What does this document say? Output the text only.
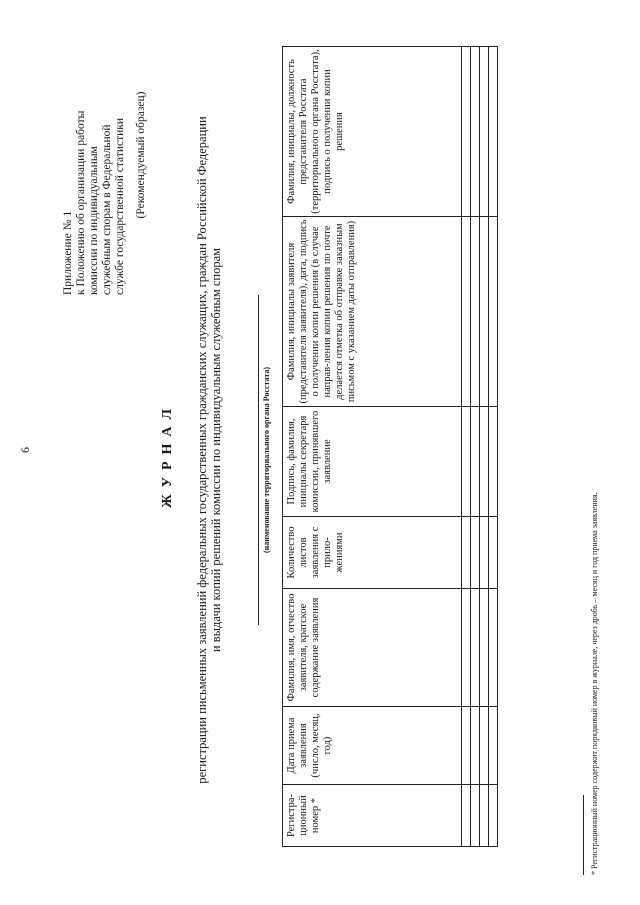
6
Приложение № 1 к Положению об организации работы комиссии по индивидуальным служебным спорам в Федеральной службе государственной статистики (Рекомендуемый образец)
ЖУРНАЛ регистрации письменных заявлений федеральных государственных гражданских служащих, граждан Российской Федерации и выдачи копий решений комиссии по индивидуальным служебным спорам	(наименование территориального органа Росстата)
Регистра-ционный номер *	Дата приема заявления (число, месяц, год)	Фамилия, имя, отчество заявителя, кратское содержание заявления	Количество листов заявления с прило-жениями	Подпись, фамилия, инициалы секретаря комиссии, принявшего заявление	Фамилия, инициалы заявителя (представителя заявителя), дата, подпись о получении копии решения (в случае направ-ления копии решения по почте делается отметка об отправке заказным письмом с указанием даты отправления)	Фамилия, инициалы, должность представителя Росстата (территориального органа Росстата), подпись о получении копии решения

* Регистрационный номер содержит порядковый номер в журнале, через дробь – месяц и год приема заявления.
